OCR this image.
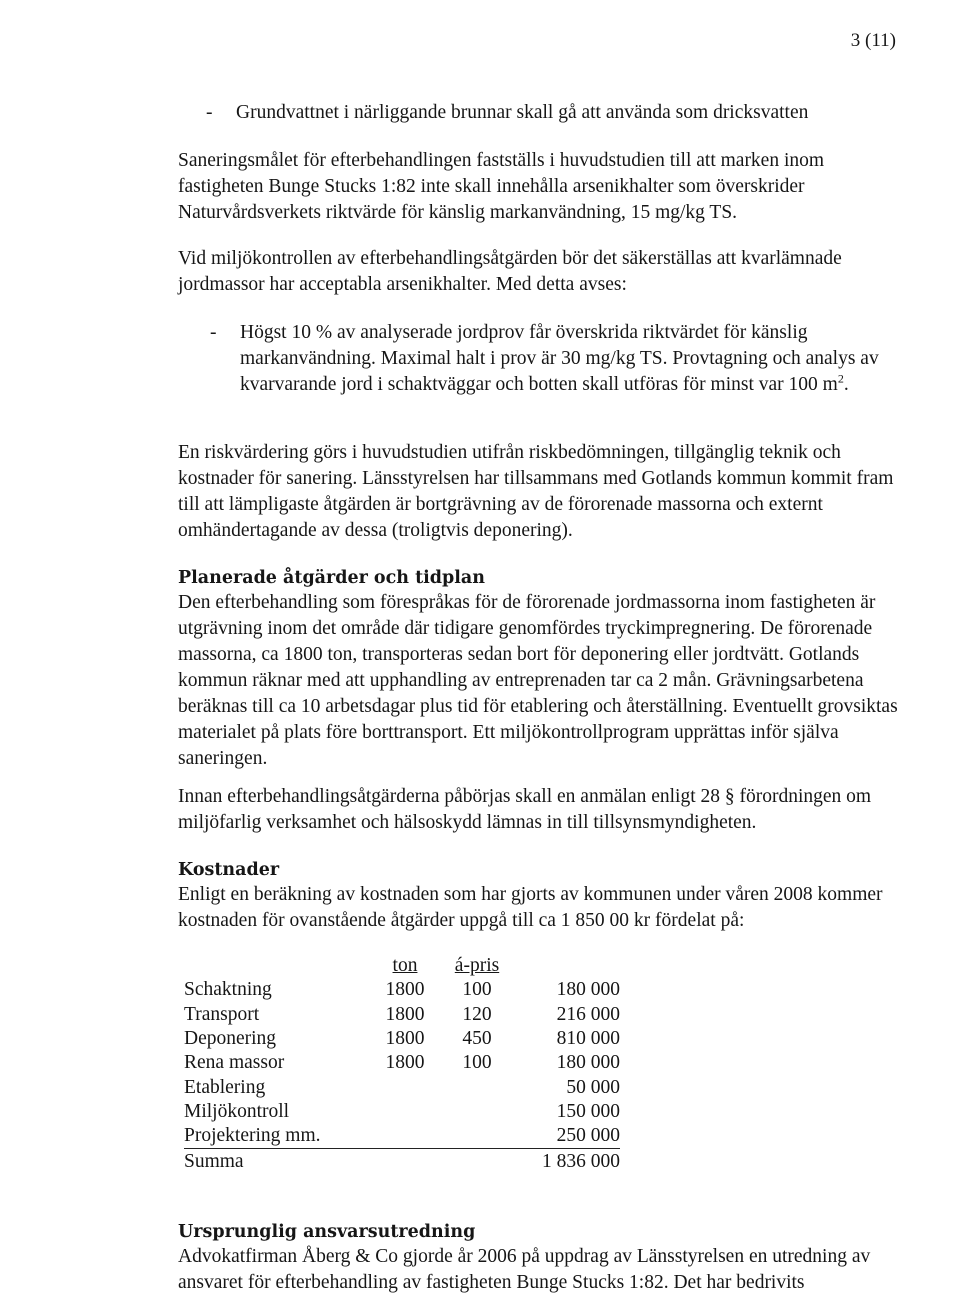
3 (11)
- Grundvattnet i närliggande brunnar skall gå att använda som dricksvatten

Saneringsmålet för efterbehandlingen fastställs i huvudstudien till att marken inom fastigheten Bunge Stucks 1:82 inte skall innehålla arsenikhalter som överskrider Naturvårdsverkets riktvärde för känslig markanvändning, 15 mg/kg TS.

Vid miljökontrollen av efterbehandlingsåtgärden bör det säkerställas att kvarlämnade jordmassor har acceptabla arsenikhalter. Med detta avses:

- Högst 10 % av analyserade jordprov får överskrida riktvärdet för känslig markanvändning. Maximal halt i prov är 30 mg/kg TS. Provtagning och analys av kvarvarande jord i schaktväggar och botten skall utföras för minst var 100 $m^2$.

En riskvärdering görs i huvudstudien utifrån riskbedömningen, tillgänglig teknik och kostnader för sanering. Länsstyrelsen har tillsammans med Gotlands kommun kommit fram till att lämpligaste åtgärden är bortgrävning av de förorenade massorna och externt omhändertagande av dessa (troligtvis deponering).

Planerade åtgärder och tidplan

Den efterbehandling som förespråkas för de förorenade jordmassorna inom fastigheten är utgrävning inom det område där tidigare genomfördes tryckimpregnering. De förorenade massorna, ca 1800 ton, transporteras sedan bort för deponering eller jordtvätt. Gotlands kommun räknar med att upphandling av entreprenaden tar ca 2 mån. Grävningsarbetena beräknas till ca 10 arbetsdagar plus tid för etablering och återställning. Eventuellt grovsiktas materialet på plats före borttransport. Ett miljökontrollprogram upprättas inför själva saneringen.

Innan efterbehandlingsåtgärderna påbörjas skall en anmälan enligt 28 § förordningen om miljöfarlig verksamhet och hälsoskydd lämnas in till tillsynsmyndigheten.

Kostnader

Enligt en beräkning av kostnaden som har gjorts av kommunen under våren 2008 kommer kostnaden för ovanstående åtgärder uppgå till ca 1 850 00 kr fördelat på:

	ton	á-pris	
Schaktning	1800	100	180 000
Transport	1800	120	216 000
Deponering	1800	450	810 000
Rena massor	1800	100	180 000
Etablering			50 000
Miljökontroll			150 000
Projektering mm.			250 000
Summa			1 836 000
Ursprunglig ansvarsutredning

Advokatfirman Åberg & Co gjorde år 2006 på uppdrag av Länsstyrelsen en utredning av ansvaret för efterbehandling av fastigheten Bunge Stucks 1:82. Det har bedrivits
